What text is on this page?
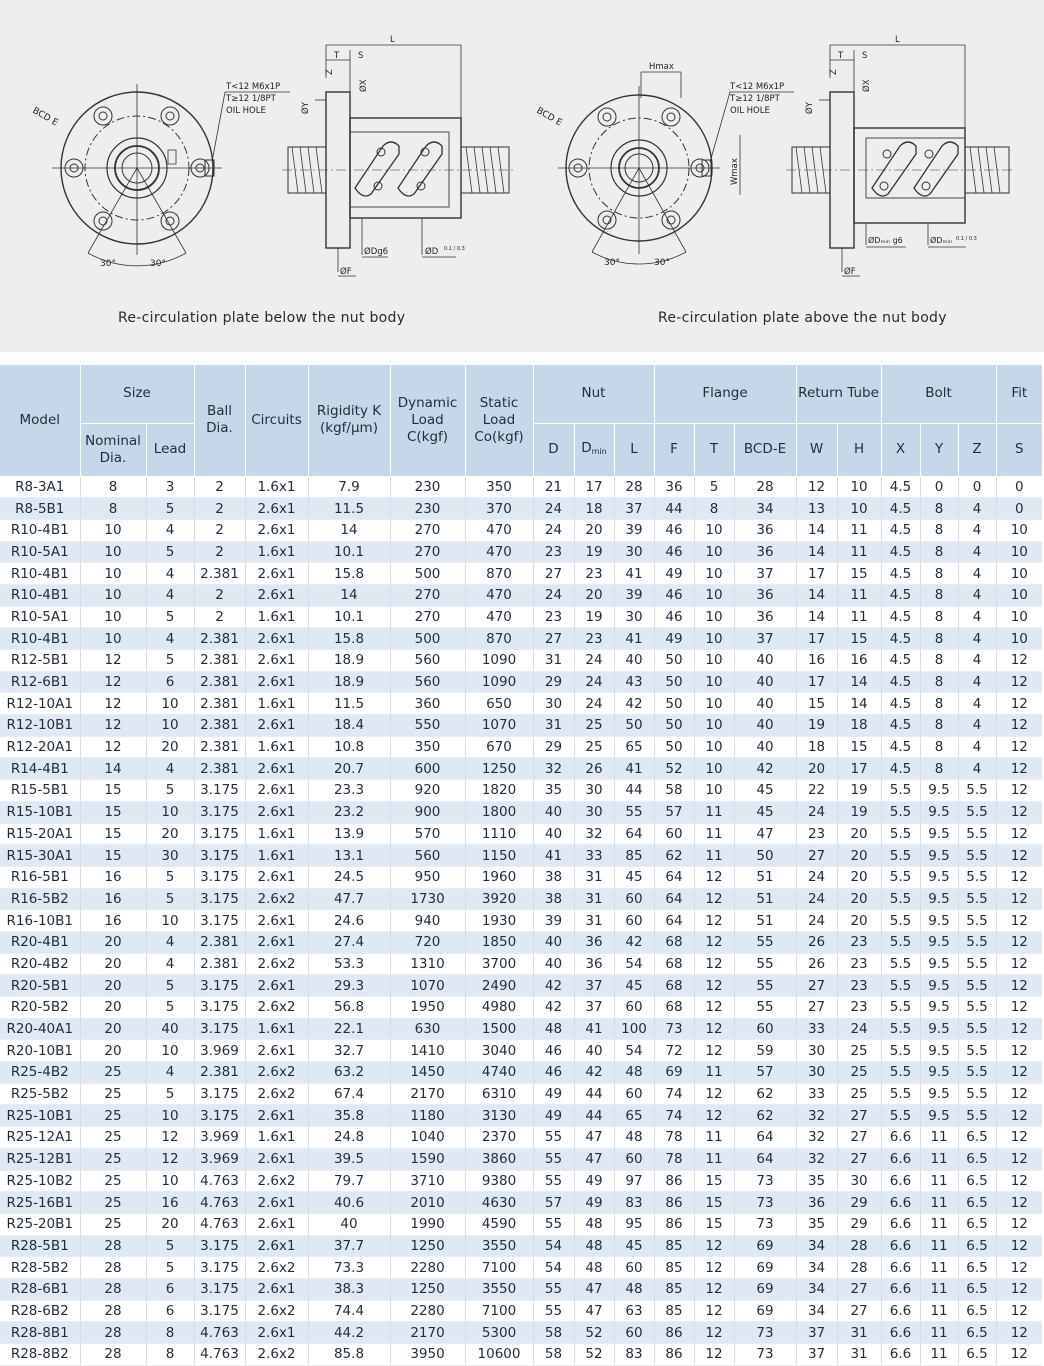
30°	30°
BCD E
T<12 M6x1P
T≥12 1/8PT
OIL HOLE
L
T S
Z
ØX
ØY
ØDg6	ØD 0.1 / 0.3
ØF
Hmax
Wmax
30°	30°
BCD E
T<12 M6x1P
T≥12 1/8PT
OIL HOLE
L
T S
Z
ØX
ØY
ØDₘᵢₙ g6	ØDₘᵢₙ 0.1 / 0.3
ØF
Re-circulation plate below the nut body	Re-circulation plate above the nut body
Model	Size		Ball Dia.	Circuits	Rigidity K (kgf/μm)	Dynamic Load C(kgf)	Static Load Co(kgf)	Nut			Flange			Return Tube		Bolt			Fit
	Nominal Dia.	Lead						D	$D_{min}$	L	F	T	BCD-E	W	H	X	Y	Z	S
R8-3A1	8	3	2	1.6x1	7.9	230	350	21	17	28	36	5	28	12	10	4.5	0	0	0
R8-5B1	8	5	2	2.6x1	11.5	230	370	24	18	37	44	8	34	13	10	4.5	8	4	0
R10-4B1	10	4	2	2.6x1	14	270	470	24	20	39	46	10	36	14	11	4.5	8	4	10
R10-5A1	10	5	2	1.6x1	10.1	270	470	23	19	30	46	10	36	14	11	4.5	8	4	10
R10-4B1	10	4	2.381	2.6x1	15.8	500	870	27	23	41	49	10	37	17	15	4.5	8	4	10
R10-4B1	10	4	2	2.6x1	14	270	470	24	20	39	46	10	36	14	11	4.5	8	4	10
R10-5A1	10	5	2	1.6x1	10.1	270	470	23	19	30	46	10	36	14	11	4.5	8	4	10
R10-4B1	10	4	2.381	2.6x1	15.8	500	870	27	23	41	49	10	37	17	15	4.5	8	4	10
R12-5B1	12	5	2.381	2.6x1	18.9	560	1090	31	24	40	50	10	40	16	16	4.5	8	4	12
R12-6B1	12	6	2.381	2.6x1	18.9	560	1090	29	24	43	50	10	40	17	14	4.5	8	4	12
R12-10A1	12	10	2.381	1.6x1	11.5	360	650	30	24	42	50	10	40	15	14	4.5	8	4	12
R12-10B1	12	10	2.381	2.6x1	18.4	550	1070	31	25	50	50	10	40	19	18	4.5	8	4	12
R12-20A1	12	20	2.381	1.6x1	10.8	350	670	29	25	65	50	10	40	18	15	4.5	8	4	12
R14-4B1	14	4	2.381	2.6x1	20.7	600	1250	32	26	41	52	10	42	20	17	4.5	8	4	12
R15-5B1	15	5	3.175	2.6x1	23.3	920	1820	35	30	44	58	10	45	22	19	5.5	9.5	5.5	12
R15-10B1	15	10	3.175	2.6x1	23.2	900	1800	40	30	55	57	11	45	24	19	5.5	9.5	5.5	12
R15-20A1	15	20	3.175	1.6x1	13.9	570	1110	40	32	64	60	11	47	23	20	5.5	9.5	5.5	12
R15-30A1	15	30	3.175	1.6x1	13.1	560	1150	41	33	85	62	11	50	27	20	5.5	9.5	5.5	12
R16-5B1	16	5	3.175	2.6x1	24.5	950	1960	38	31	45	64	12	51	24	20	5.5	9.5	5.5	12
R16-5B2	16	5	3.175	2.6x2	47.7	1730	3920	38	31	60	64	12	51	24	20	5.5	9.5	5.5	12
R16-10B1	16	10	3.175	2.6x1	24.6	940	1930	39	31	60	64	12	51	24	20	5.5	9.5	5.5	12
R20-4B1	20	4	2.381	2.6x1	27.4	720	1850	40	36	42	68	12	55	26	23	5.5	9.5	5.5	12
R20-4B2	20	4	2.381	2.6x2	53.3	1310	3700	40	36	54	68	12	55	26	23	5.5	9.5	5.5	12
R20-5B1	20	5	3.175	2.6x1	29.3	1070	2490	42	37	45	68	12	55	27	23	5.5	9.5	5.5	12
R20-5B2	20	5	3.175	2.6x2	56.8	1950	4980	42	37	60	68	12	55	27	23	5.5	9.5	5.5	12
R20-40A1	20	40	3.175	1.6x1	22.1	630	1500	48	41	100	73	12	60	33	24	5.5	9.5	5.5	12
R20-10B1	20	10	3.969	2.6x1	32.7	1410	3040	46	40	54	72	12	59	30	25	5.5	9.5	5.5	12
R25-4B2	25	4	2.381	2.6x2	63.2	1450	4740	46	42	48	69	11	57	30	25	5.5	9.5	5.5	12
R25-5B2	25	5	3.175	2.6x2	67.4	2170	6310	49	44	60	74	12	62	33	25	5.5	9.5	5.5	12
R25-10B1	25	10	3.175	2.6x1	35.8	1180	3130	49	44	65	74	12	62	32	27	5.5	9.5	5.5	12
R25-12A1	25	12	3.969	1.6x1	24.8	1040	2370	55	47	48	78	11	64	32	27	6.6	11	6.5	12
R25-12B1	25	12	3.969	2.6x1	39.5	1590	3860	55	47	60	78	11	64	32	27	6.6	11	6.5	12
R25-10B2	25	10	4.763	2.6x2	79.7	3710	9380	55	49	97	86	15	73	35	30	6.6	11	6.5	12
R25-16B1	25	16	4.763	2.6x1	40.6	2010	4630	57	49	83	86	15	73	36	29	6.6	11	6.5	12
R25-20B1	25	20	4.763	2.6x1	40	1990	4590	55	48	95	86	15	73	35	29	6.6	11	6.5	12
R28-5B1	28	5	3.175	2.6x1	37.7	1250	3550	54	48	45	85	12	69	34	28	6.6	11	6.5	12
R28-5B2	28	5	3.175	2.6x2	73.3	2280	7100	54	48	60	85	12	69	34	28	6.6	11	6.5	12
R28-6B1	28	6	3.175	2.6x1	38.3	1250	3550	55	47	48	85	12	69	34	27	6.6	11	6.5	12
R28-6B2	28	6	3.175	2.6x2	74.4	2280	7100	55	47	63	85	12	69	34	27	6.6	11	6.5	12
R28-8B1	28	8	4.763	2.6x1	44.2	2170	5300	58	52	60	86	12	73	37	31	6.6	11	6.5	12
R28-8B2	28	8	4.763	2.6x2	85.8	3950	10600	58	52	83	86	12	73	37	31	6.6	11	6.5	12
